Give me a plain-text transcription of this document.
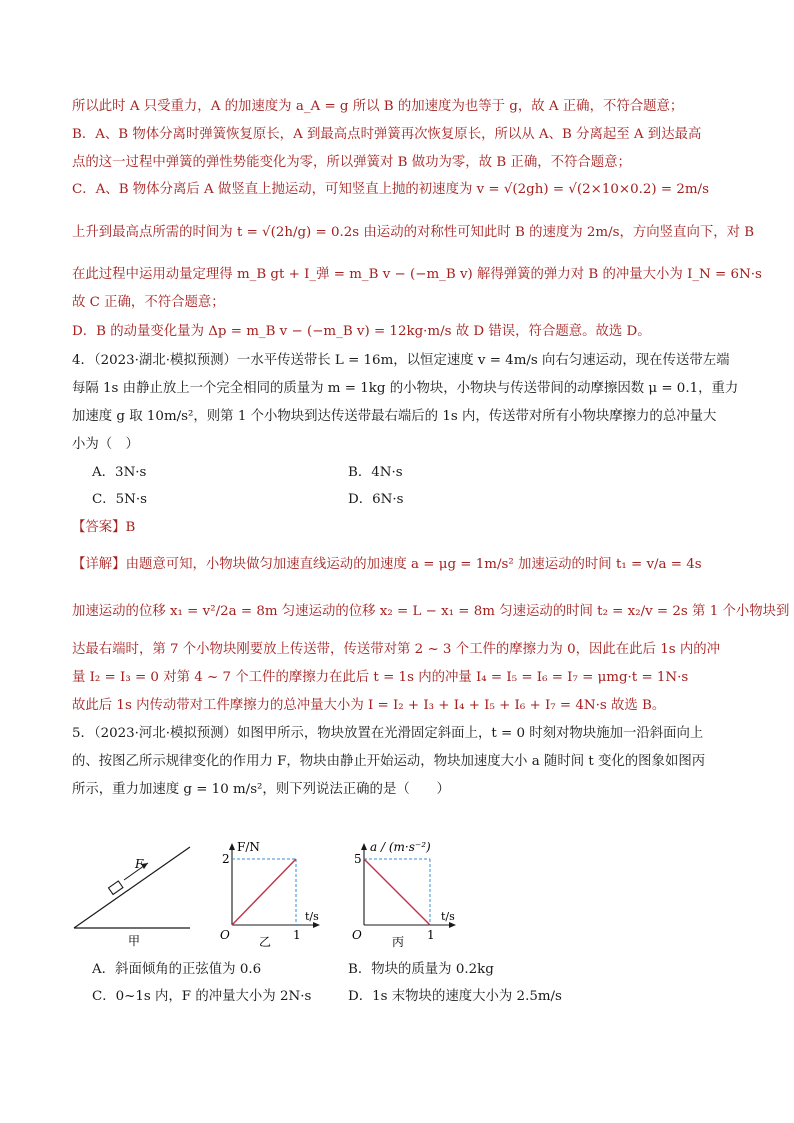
所以此时 A 只受重力，A 的加速度为 a_A = g 所以 B 的加速度为也等于 g，故 A 正确，不符合题意；
B．A、B 物体分离时弹簧恢复原长，A 到最高点时弹簧再次恢复原长，所以从 A、B 分离起至 A 到达最高
点的这一过程中弹簧的弹性势能变化为零，所以弹簧对 B 做功为零，故 B 正确，不符合题意；
C．A、B 物体分离后 A 做竖直上抛运动，可知竖直上抛的初速度为 v = √(2gh) = √(2×10×0.2) = 2m/s
上升到最高点所需的时间为 t = √(2h/g) = 0.2s 由运动的对称性可知此时 B 的速度为 2m/s，方向竖直向下，对 B
在此过程中运用动量定理得 m_B gt + I_弹 = m_B v − (−m_B v) 解得弹簧的弹力对 B 的冲量大小为 I_N = 6N·s
故 C 正确，不符合题意；
D．B 的动量变化量为 Δp = m_B v − (−m_B v) = 12kg·m/s 故 D 错误，符合题意。故选 D。
4．（2023·湖北·模拟预测）一水平传送带长 L = 16m，以恒定速度 v = 4m/s 向右匀速运动，现在传送带左端
每隔 1s 由静止放上一个完全相同的质量为 m = 1kg 的小物块，小物块与传送带间的动摩擦因数 μ = 0.1，重力
加速度 g 取 10m/s²，则第 1 个小物块到达传送带最右端后的 1s 内，传送带对所有小物块摩擦力的总冲量大
小为（　）
A．3N·s	B．4N·s
C．5N·s	D．6N·s
【答案】B
【详解】由题意可知，小物块做匀加速直线运动的加速度 a = μg = 1m/s² 加速运动的时间 t₁ = v/a = 4s
加速运动的位移 x₁ = v²/2a = 8m 匀速运动的位移 x₂ = L − x₁ = 8m 匀速运动的时间 t₂ = x₂/v = 2s 第 1 个小物块到
达最右端时，第 7 个小物块刚要放上传送带，传送带对第 2 ~ 3 个工件的摩擦力为 0，因此在此后 1s 内的冲
量 I₂ = I₃ = 0 对第 4 ~ 7 个工件的摩擦力在此后 t = 1s 内的冲量 I₄ = I₅ = I₆ = I₇ = μmg·t = 1N·s
故此后 1s 内传动带对工件摩擦力的总冲量大小为 I = I₂ + I₃ + I₄ + I₅ + I₆ + I₇ = 4N·s 故选 B。
5．（2023·河北·模拟预测）如图甲所示，物块放置在光滑固定斜面上，t = 0 时刻对物块施加一沿斜面向上
的、按图乙所示规律变化的作用力 F，物块由静止开始运动，物块加速度大小 a 随时间 t 变化的图象如图丙
所示，重力加速度 g = 10 m/s²，则下列说法正确的是（　　）
F
甲
F/N
2
t/s
O	1
乙
a / (m·s⁻²)
5
t/s
O	1
丙
A．斜面倾角的正弦值为 0.6	B．物块的质量为 0.2kg
C．0~1s 内，F 的冲量大小为 2N·s	D．1s 末物块的速度大小为 2.5m/s
